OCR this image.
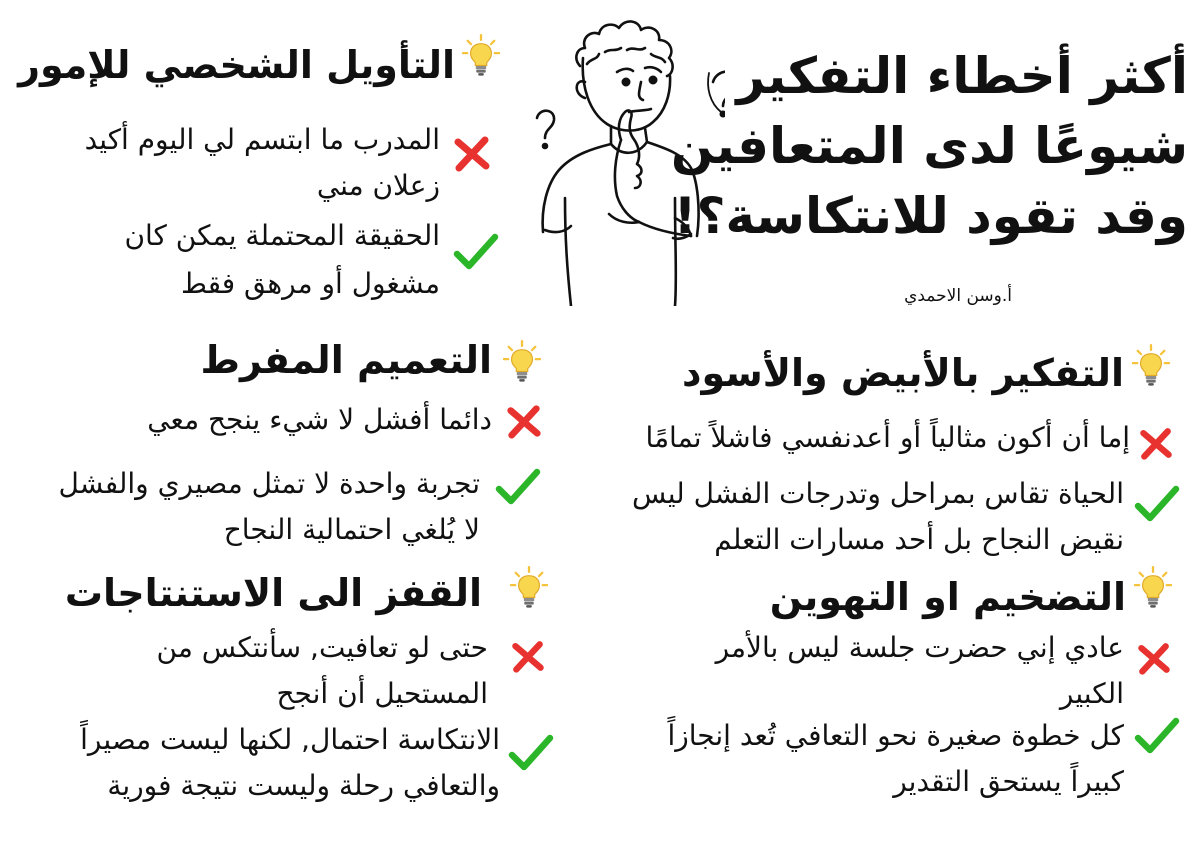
أكثر أخطاء التفكير
شيوعًا لدى المتعافين
وقد تقود للانتكاسة؟!
أ.وسن الاحمدي
التأويل الشخصي للإمور
المدرب ما ابتسم لي اليوم أكيد
زعلان مني
الحقيقة المحتملة يمكن كان
مشغول أو مرهق فقط
التعميم المفرط
دائما أفشل لا شيء ينجح معي
تجربة واحدة لا تمثل مصيري والفشل
لا يُلغي احتمالية النجاح
التفكير بالأبيض والأسود
إما أن أكون مثالياً أو أعدنفسي فاشلاً تمامًا
الحياة تقاس بمراحل وتدرجات الفشل ليس
نقيض النجاح بل أحد مسارات التعلم
القفز الى الاستنتاجات
حتى لو تعافيت, سأنتكس من
المستحيل أن أنجح
الانتكاسة احتمال, لكنها ليست مصيراً
والتعافي رحلة وليست نتيجة فورية
التضخيم او التهوين
عادي إني حضرت جلسة ليس بالأمر
الكبير
كل خطوة صغيرة نحو التعافي تُعد إنجازاً
كبيراً يستحق التقدير
